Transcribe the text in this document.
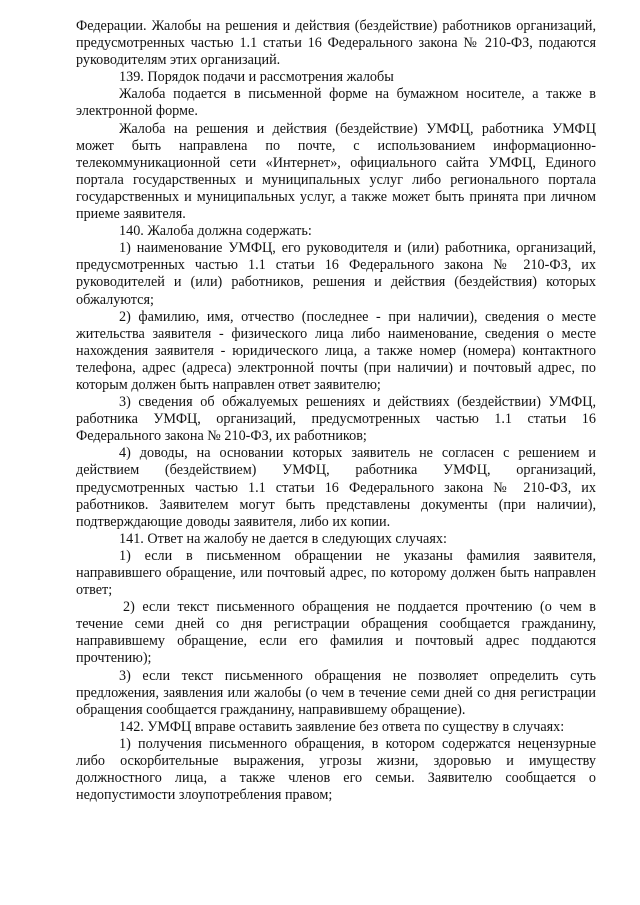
Федерации. Жалобы на решения и действия (бездействие) работников организаций, предусмотренных частью 1.1 статьи 16 Федерального закона № 210-ФЗ, подаются руководителям этих организаций.

139. Порядок подачи и рассмотрения жалобы

Жалоба подается в письменной форме на бумажном носителе, а также в электронной форме.

Жалоба на решения и действия (бездействие) УМФЦ, работника УМФЦ может быть направлена по почте, с использованием информационно-телекоммуникационной сети «Интернет», официального сайта УМФЦ, Единого портала государственных и муниципальных услуг либо регионального портала государственных и муниципальных услуг, а также может быть принята при личном приеме заявителя.

140. Жалоба должна содержать:

1) наименование УМФЦ, его руководителя и (или) работника, организаций, предусмотренных частью 1.1 статьи 16 Федерального закона № 210-ФЗ, их руководителей и (или) работников, решения и действия (бездействия) которых обжалуются;

2) фамилию, имя, отчество (последнее - при наличии), сведения о месте жительства заявителя - физического лица либо наименование, сведения о месте нахождения заявителя - юридического лица, а также номер (номера) контактного телефона, адрес (адреса) электронной почты (при наличии) и почтовый адрес, по которым должен быть направлен ответ заявителю;

3) сведения об обжалуемых решениях и действиях (бездействии) УМФЦ, работника УМФЦ, организаций, предусмотренных частью 1.1 статьи 16 Федерального закона № 210-ФЗ, их работников;

4) доводы, на основании которых заявитель не согласен с решением и действием (бездействием) УМФЦ, работника УМФЦ, организаций, предусмотренных частью 1.1 статьи 16 Федерального закона № 210-ФЗ, их работников. Заявителем могут быть представлены документы (при наличии), подтверждающие доводы заявителя, либо их копии.

141. Ответ на жалобу не дается в следующих случаях:

1) если в письменном обращении не указаны фамилия заявителя, направившего обращение, или почтовый адрес, по которому должен быть направлен ответ;

2) если текст письменного обращения не поддается прочтению (о чем в течение семи дней со дня регистрации обращения сообщается гражданину, направившему обращение, если его фамилия и почтовый адрес поддаются прочтению);

3) если текст письменного обращения не позволяет определить суть предложения, заявления или жалобы (о чем в течение семи дней со дня регистрации обращения сообщается гражданину, направившему обращение).

142. УМФЦ вправе оставить заявление без ответа по существу в случаях:

1) получения письменного обращения, в котором содержатся нецензурные либо оскорбительные выражения, угрозы жизни, здоровью и имуществу должностного лица, а также членов его семьи. Заявителю сообщается о недопустимости злоупотребления правом;
